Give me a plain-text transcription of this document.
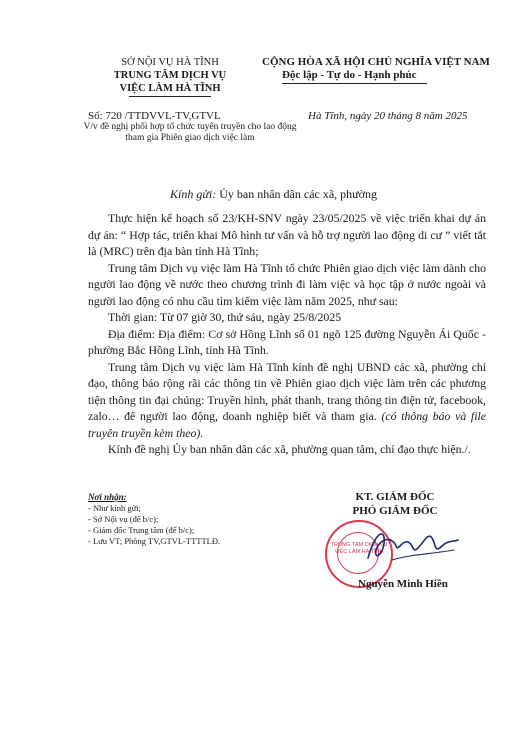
SỞ NỘI VỤ HÀ TĨNH
TRUNG TÂM DỊCH VỤ
VIỆC LÀM HÀ TĨNH
CỘNG HÒA XÃ HỘI CHỦ NGHĨA VIỆT NAM
Độc lập - Tự do - Hạnh phúc
Số: 720 /TTDVVL-TV,GTVL
V/v đề nghị phối hợp tổ chức tuyên truyền cho lao động tham gia Phiên giao dịch việc làm
Hà Tĩnh, ngày 20 tháng 8 năm 2025
Kính gửi: Ủy ban nhân dân các xã, phường

Thực hiện kế hoạch số 23/KH-SNV ngày 23/05/2025 về việc triển khai dự án dự án: “ Hợp tác, triển khai Mô hình tư vấn và hỗ trợ người lao động di cư ” viết tắt là (MRC) trên địa bàn tỉnh Hà Tĩnh;

Trung tâm Dịch vụ việc làm Hà Tĩnh tổ chức Phiên giao dịch việc làm dành cho người lao động về nước theo chương trình đi làm việc và học tập ở nước ngoài và người lao động có nhu cầu tìm kiếm việc làm năm 2025, như sau:

Thời gian: Từ 07 giờ 30, thứ sáu, ngày 25/8/2025

Địa điểm: Địa điểm: Cơ sở Hồng Lĩnh số 01 ngõ 125 đường Nguyễn Ái Quốc - phường Bắc Hồng Lĩnh, tỉnh Hà Tĩnh.

Trung tâm Dịch vụ việc làm Hà Tĩnh kính đề nghị UBND các xã, phường chỉ đạo, thông báo rộng rãi các thông tin về Phiên giao dịch việc làm trên các phương tiện thông tin đại chúng: Truyền hình, phát thanh, trang thông tin điện tử, facebook, zalo… để người lao động, doanh nghiệp biết và tham gia. (có thông báo và file truyên truyền kèm theo).

Kính đề nghị Ủy ban nhân dân các xã, phường quan tâm, chỉ đạo thực hiện./.

Nơi nhận:
- Như kính gửi;
- Sở Nội vụ (để b/c);
- Giám đốc Trung tâm (để b/c);
- Lưu VT; Phòng TV,GTVL-TTTTLĐ.
KT. GIÁM ĐỐC
PHÓ GIÁM ĐỐC
TRUNG TÂM DỊCH VỤ VIỆC LÀM HÀ TĨNH
Nguyễn Minh Hiền
